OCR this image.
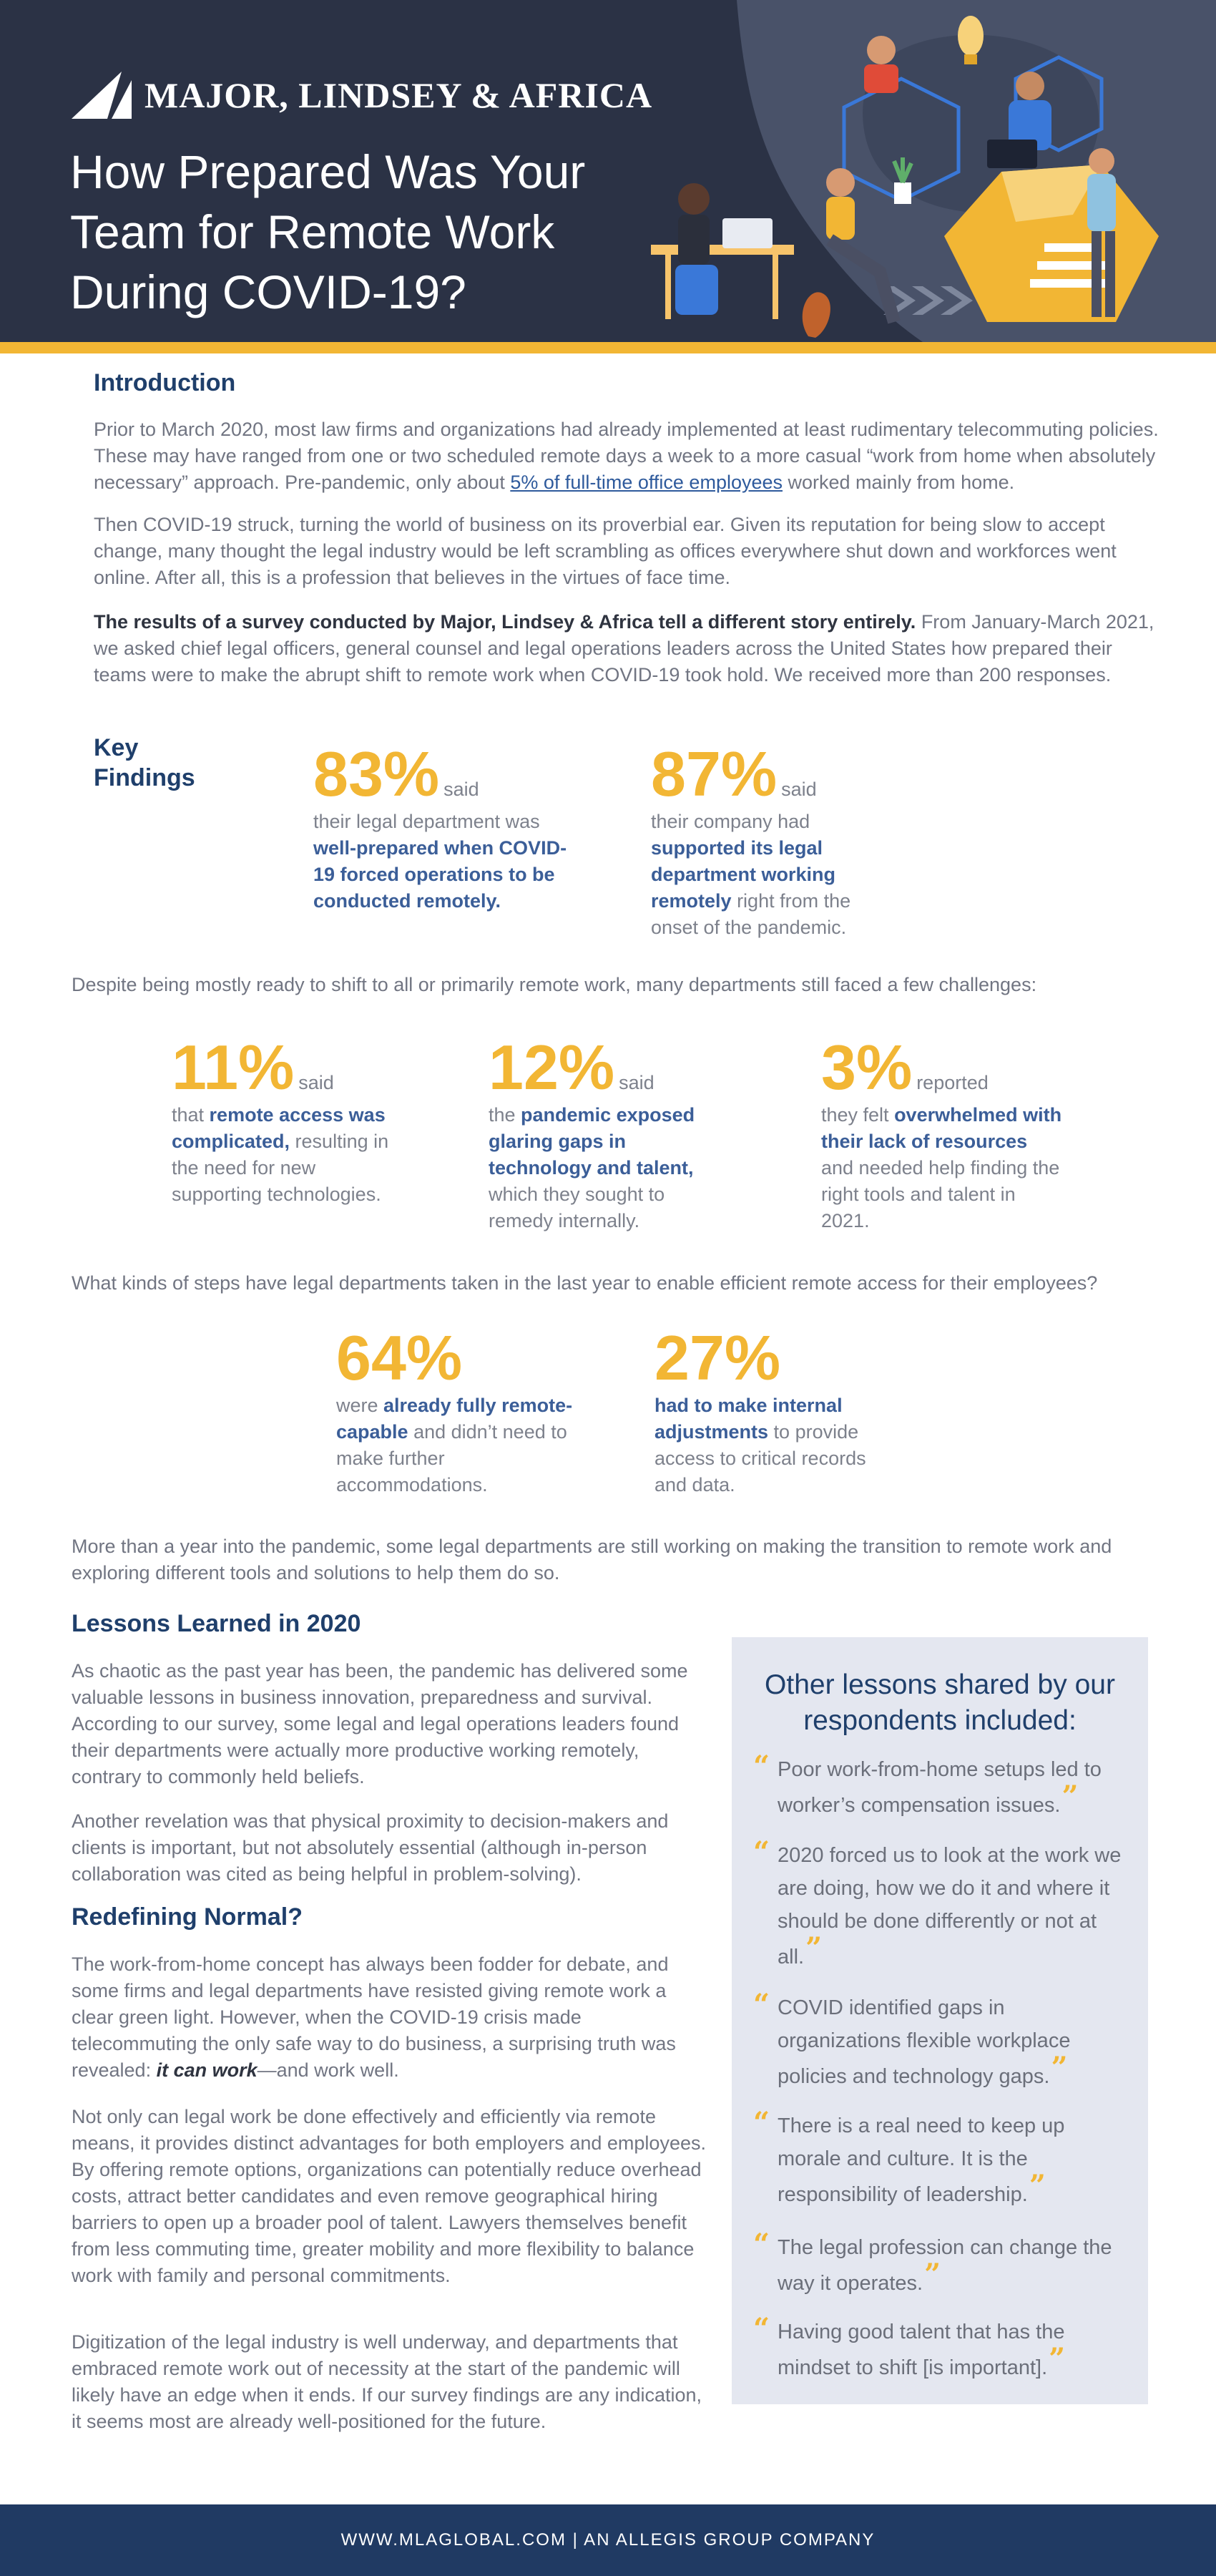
MAJOR, LINDSEY & AFRICA
How Prepared Was Your
Team for Remote Work
During COVID-19?
Introduction

Prior to March 2020, most law firms and organizations had already implemented at least rudimentary telecommuting policies. These may have ranged from one or two scheduled remote days a week to a more casual “work from home when absolutely necessary” approach. Pre-pandemic, only about 5% of full-time office employees worked mainly from home.

Then COVID-19 struck, turning the world of business on its proverbial ear. Given its reputation for being slow to accept change, many thought the legal industry would be left scrambling as offices everywhere shut down and workforces went online. After all, this is a profession that believes in the virtues of face time.

The results of a survey conducted by Major, Lindsey & Africa tell a different story entirely. From January-March 2021, we asked chief legal officers, general counsel and legal operations leaders across the United States how prepared their teams were to make the abrupt shift to remote work when COVID-19 took hold. We received more than 200 responses.

Key
Findings 83% said
their legal department was well-prepared when COVID-19 forced operations to be conducted remotely.
87% said
their company had supported its legal department working remotely right from the onset of the pandemic.

Despite being mostly ready to shift to all or primarily remote work, many departments still faced a few challenges:

11% said
that remote access was complicated, resulting in the need for new supporting technologies.
12% said
the pandemic exposed glaring gaps in technology and talent, which they sought to remedy internally.
3% reported
they felt overwhelmed with their lack of resources and needed help finding the right tools and talent in 2021.

What kinds of steps have legal departments taken in the last year to enable efficient remote access for their employees?

64%
were already fully remote-capable and didn’t need to make further accommodations.
27%
had to make internal adjustments to provide access to critical records and data.

More than a year into the pandemic, some legal departments are still working on making the transition to remote work and exploring different tools and solutions to help them do so.

Lessons Learned in 2020

As chaotic as the past year has been, the pandemic has delivered some valuable lessons in business innovation, preparedness and survival. According to our survey, some legal and legal operations leaders found their departments were actually more productive working remotely, contrary to commonly held beliefs.

Another revelation was that physical proximity to decision-makers and clients is important, but not absolutely essential (although in-person collaboration was cited as being helpful in problem-solving).

Redefining Normal?

The work-from-home concept has always been fodder for debate, and some firms and legal departments have resisted giving remote work a clear green light. However, when the COVID-19 crisis made telecommuting the only safe way to do business, a surprising truth was revealed: it can work—and work well.

Not only can legal work be done effectively and efficiently via remote means, it provides distinct advantages for both employers and employees. By offering remote options, organizations can potentially reduce overhead costs, attract better candidates and even remove geographical hiring barriers to open up a broader pool of talent. Lawyers themselves benefit from less commuting time, greater mobility and more flexibility to balance work with family and personal commitments.

Digitization of the legal industry is well underway, and departments that embraced remote work out of necessity at the start of the pandemic will likely have an edge when it ends. If our survey findings are any indication, it seems most are already well-positioned for the future.

Other lessons shared by our respondents included:
“ Poor work-from-home setups led to worker’s compensation issues.”
“ 2020 forced us to look at the work we are doing, how we do it and where it should be done differently or not at all.”
“ COVID identified gaps in organizations flexible workplace policies and technology gaps.”
“ There is a real need to keep up morale and culture. It is the responsibility of leadership.”
“ The legal profession can change the way it operates.”
“ Having good talent that has the mindset to shift [is important].”
WWW.MLAGLOBAL.COM | AN ALLEGIS GROUP COMPANY
